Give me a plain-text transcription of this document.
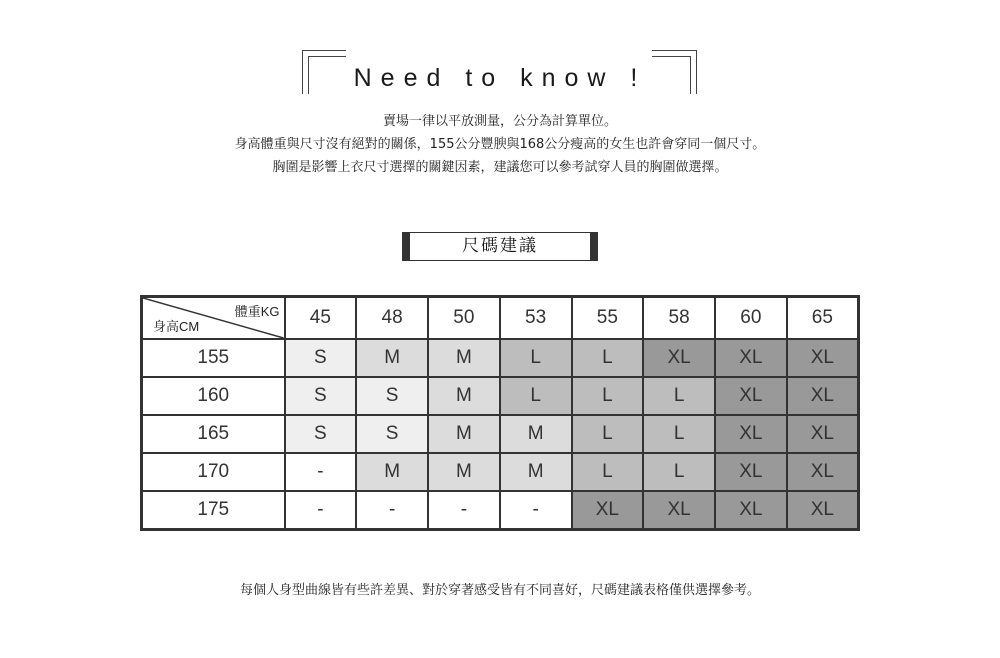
Need to know !
賣場一律以平放測量，公分為計算單位。
身高體重與尺寸沒有絕對的關係，155公分豐腴與168公分瘦高的女生也許會穿同一個尺寸。
胸圍是影響上衣尺寸選擇的關鍵因素，建議您可以參考試穿人員的胸圍做選擇。
尺碼建議
體重KG
身高CM	45	48	50	53	55	58	60	65
155	S	M	M	L	L	XL	XL	XL
160	S	S	M	L	L	L	XL	XL
165	S	S	M	M	L	L	XL	XL
170	-	M	M	M	L	L	XL	XL
175	-	-	-	-	XL	XL	XL	XL
每個人身型曲線皆有些許差異、對於穿著感受皆有不同喜好，尺碼建議表格僅供選擇參考。
